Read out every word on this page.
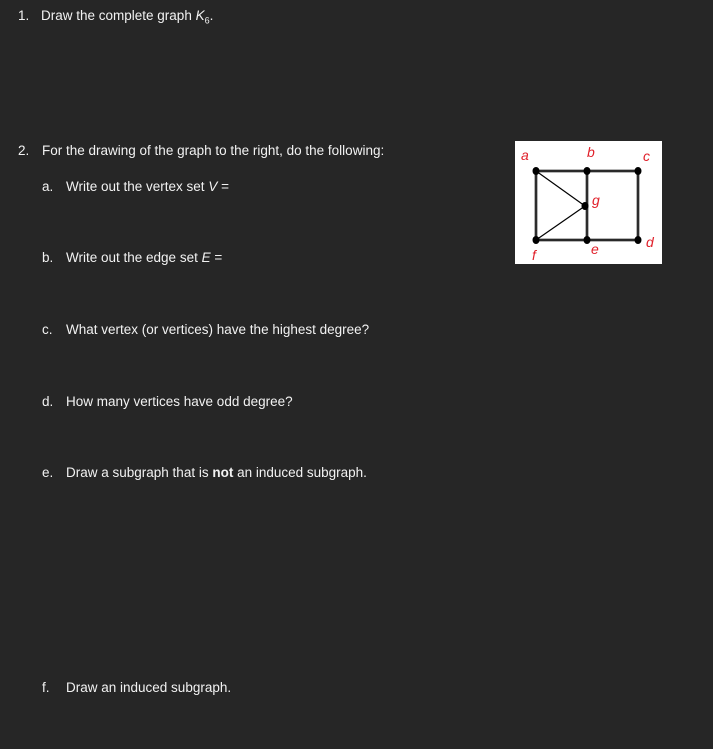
1. Draw the complete graph $K_6$.
2. For the drawing of the graph to the right, do the following:
a. Write out the vertex set V =
b. Write out the edge set E =
c. What vertex (or vertices) have the highest degree?
d. How many vertices have odd degree?
e. Draw a subgraph that is not an induced subgraph.
f. Draw an induced subgraph.
a	b	c
g
d
f	e
